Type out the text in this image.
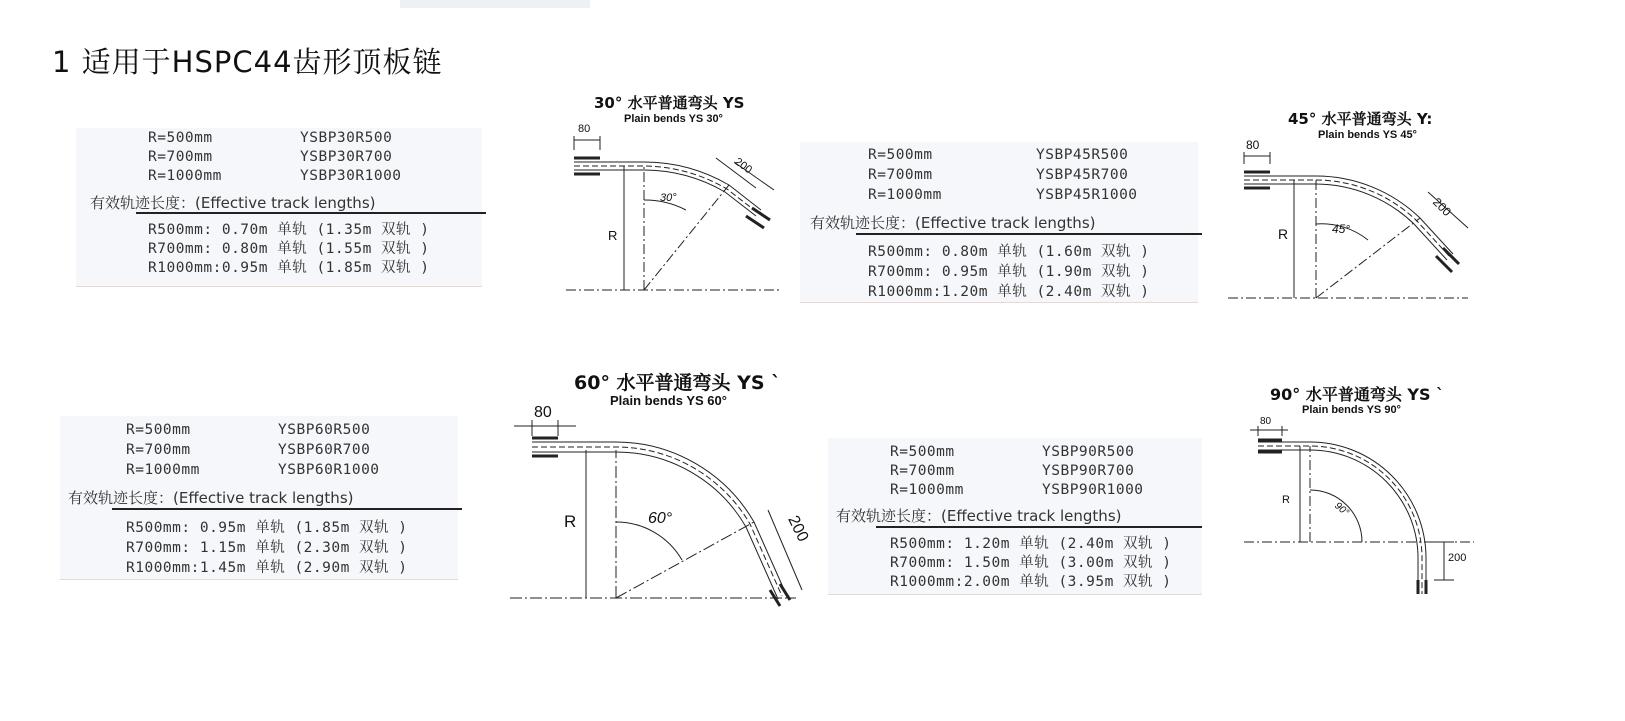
1 适用于HSPC44齿形顶板链
R=500mm	YSBP30R500
R=700mm	YSBP30R700
R=1000mm	YSBP30R1000
有效轨迹长度：(Effective track lengths)
R500mm: 0.70m 单轨 (1.35m 双轨 )
R700mm: 0.80m 单轨 (1.55m 双轨 )
R1000mm:0.95m 单轨 (1.85m 双轨 )
R=500mm	YSBP45R500
R=700mm	YSBP45R700
R=1000mm	YSBP45R1000
有效轨迹长度：(Effective track lengths)
R500mm: 0.80m 单轨 (1.60m 双轨 )
R700mm: 0.95m 单轨 (1.90m 双轨 )
R1000mm:1.20m 单轨 (2.40m 双轨 )
R=500mm	YSBP60R500
R=700mm	YSBP60R700
R=1000mm	YSBP60R1000
有效轨迹长度：(Effective track lengths)
R500mm: 0.95m 单轨 (1.85m 双轨 )
R700mm: 1.15m 单轨 (2.30m 双轨 )
R1000mm:1.45m 单轨 (2.90m 双轨 )
R=500mm	YSBP90R500
R=700mm	YSBP90R700
R=1000mm	YSBP90R1000
有效轨迹长度：(Effective track lengths)
R500mm: 1.20m 单轨 (2.40m 双轨 )
R700mm: 1.50m 单轨 (3.00m 双轨 )
R1000mm:2.00m 单轨 (3.95m 双轨 )
30° 水平普通弯头 YS
Plain bends YS 30°
80
200
R
30°
45° 水平普通弯头 Y:
Plain bends YS 45°
80
200
R	45°
60° 水平普通弯头 YS ˋ
Plain bends YS 60°
80
200
R	60°
90° 水平普通弯头 YS ˋ
Plain bends YS 90°
80
200
R
90°
